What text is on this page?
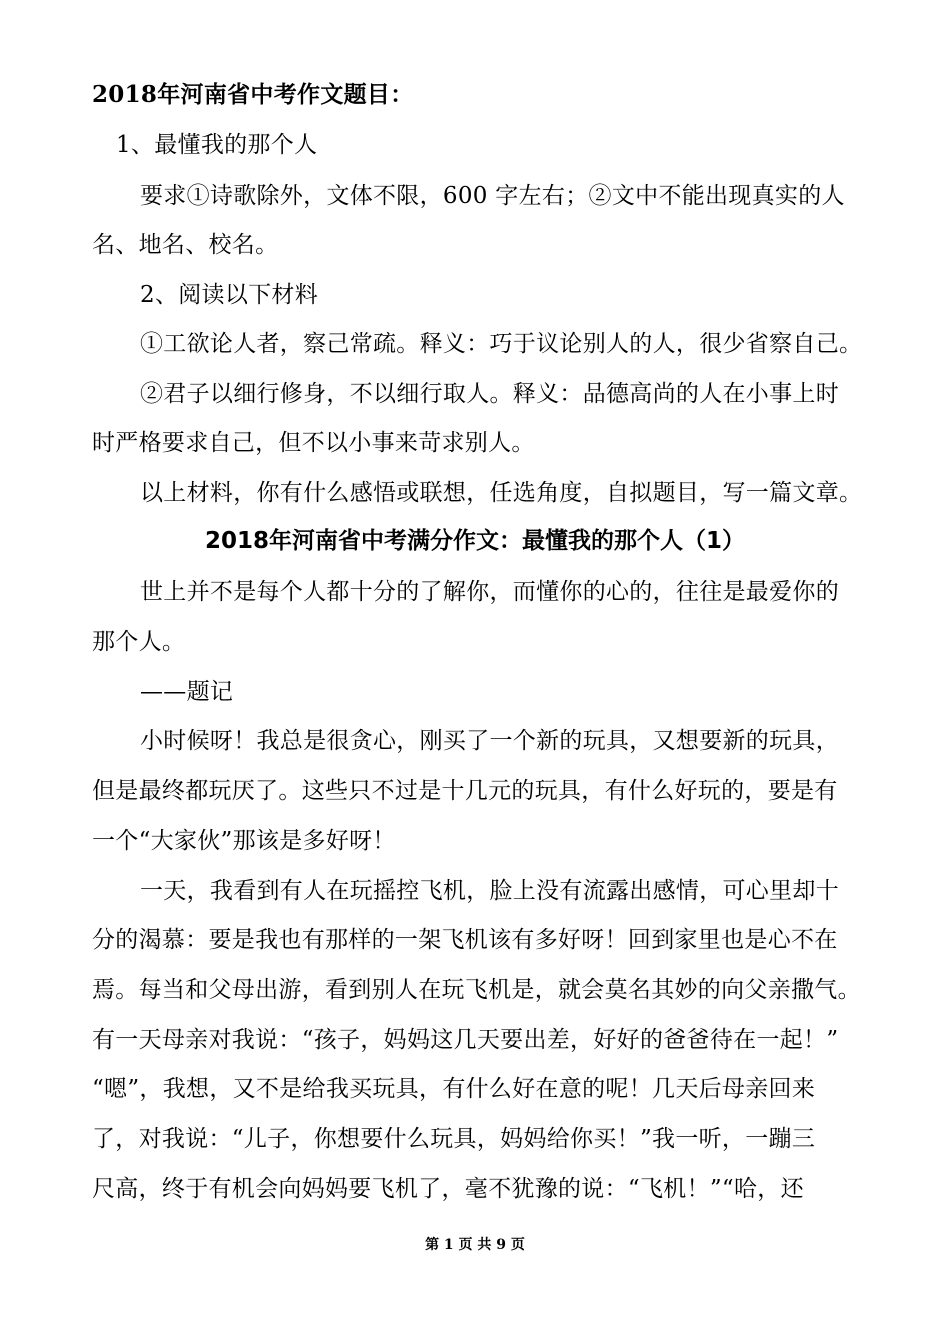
2018年河南省中考作文题目：
1、最懂我的那个人
要求①诗歌除外，文体不限，600 字左右；②文中不能出现真实的人
名、地名、校名。
2、阅读以下材料
①工欲论人者，察己常疏。释义：巧于议论别人的人，很少省察自己。
②君子以细行修身，不以细行取人。释义：品德高尚的人在小事上时
时严格要求自己，但不以小事来苛求别人。
以上材料，你有什么感悟或联想，任选角度，自拟题目，写一篇文章。
2018年河南省中考满分作文：最懂我的那个人（1）
世上并不是每个人都十分的了解你，而懂你的心的，往往是最爱你的
那个人。
——题记
小时候呀！我总是很贪心，刚买了一个新的玩具，又想要新的玩具，
但是最终都玩厌了。这些只不过是十几元的玩具，有什么好玩的，要是有
一个“大家伙”那该是多好呀！
一天，我看到有人在玩摇控飞机，脸上没有流露出感情，可心里却十
分的渴慕：要是我也有那样的一架飞机该有多好呀！回到家里也是心不在
焉。每当和父母出游，看到别人在玩飞机是，就会莫名其妙的向父亲撒气。
有一天母亲对我说：“孩子，妈妈这几天要出差，好好的爸爸待在一起！”
“嗯”，我想，又不是给我买玩具，有什么好在意的呢！几天后母亲回来
了，对我说：“儿子，你想要什么玩具，妈妈给你买！”我一听，一蹦三
尺高，终于有机会向妈妈要飞机了，毫不犹豫的说：“飞机！”“哈，还
第 1 页 共 9 页
